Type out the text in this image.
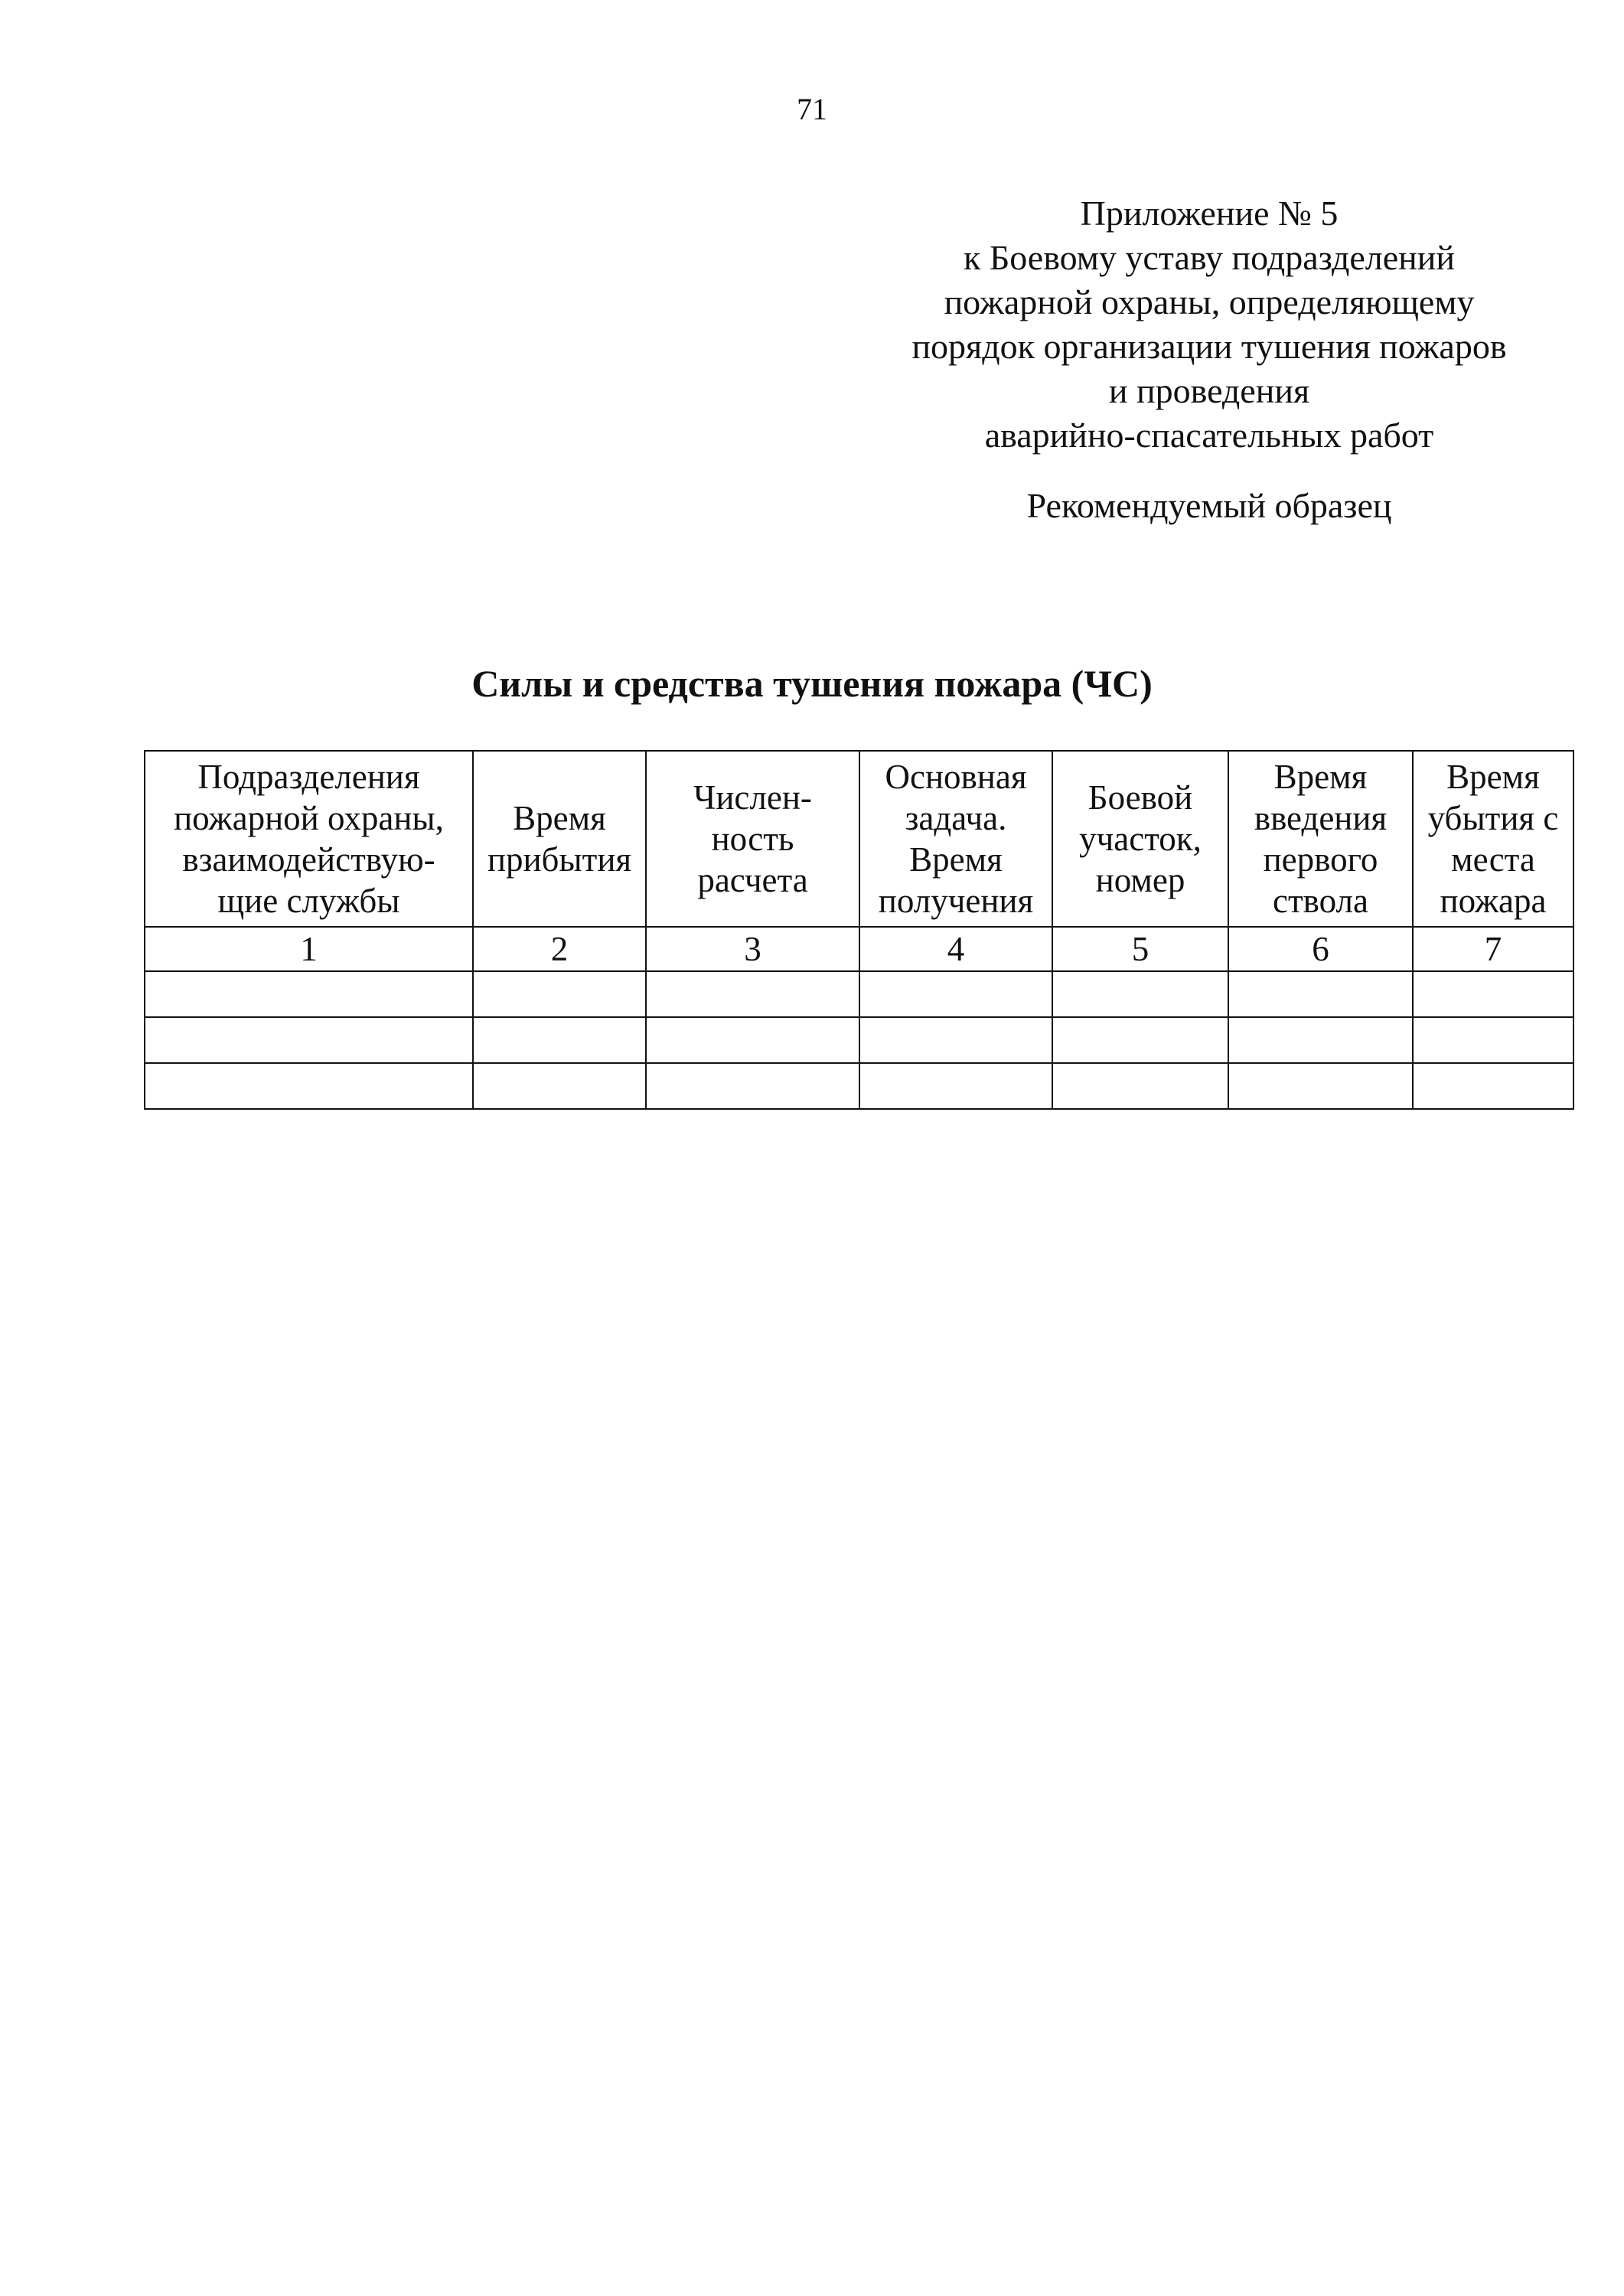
71
Приложение № 5
к Боевому уставу подразделений
пожарной охраны, определяющему
порядок организации тушения пожаров
и проведения
аварийно-спасательных работ
Рекомендуемый образец
Силы и средства тушения пожара (ЧС)
Подразделения
пожарной охраны,
взаимодействую-
щие службы	Время
прибытия	Числен-
ность
расчета	Основная
задача.
Время
получения	Боевой
участок,
номер	Время
введения
первого
ствола	Время
убытия с
места
пожара

1	2	3	4	5	6	7
